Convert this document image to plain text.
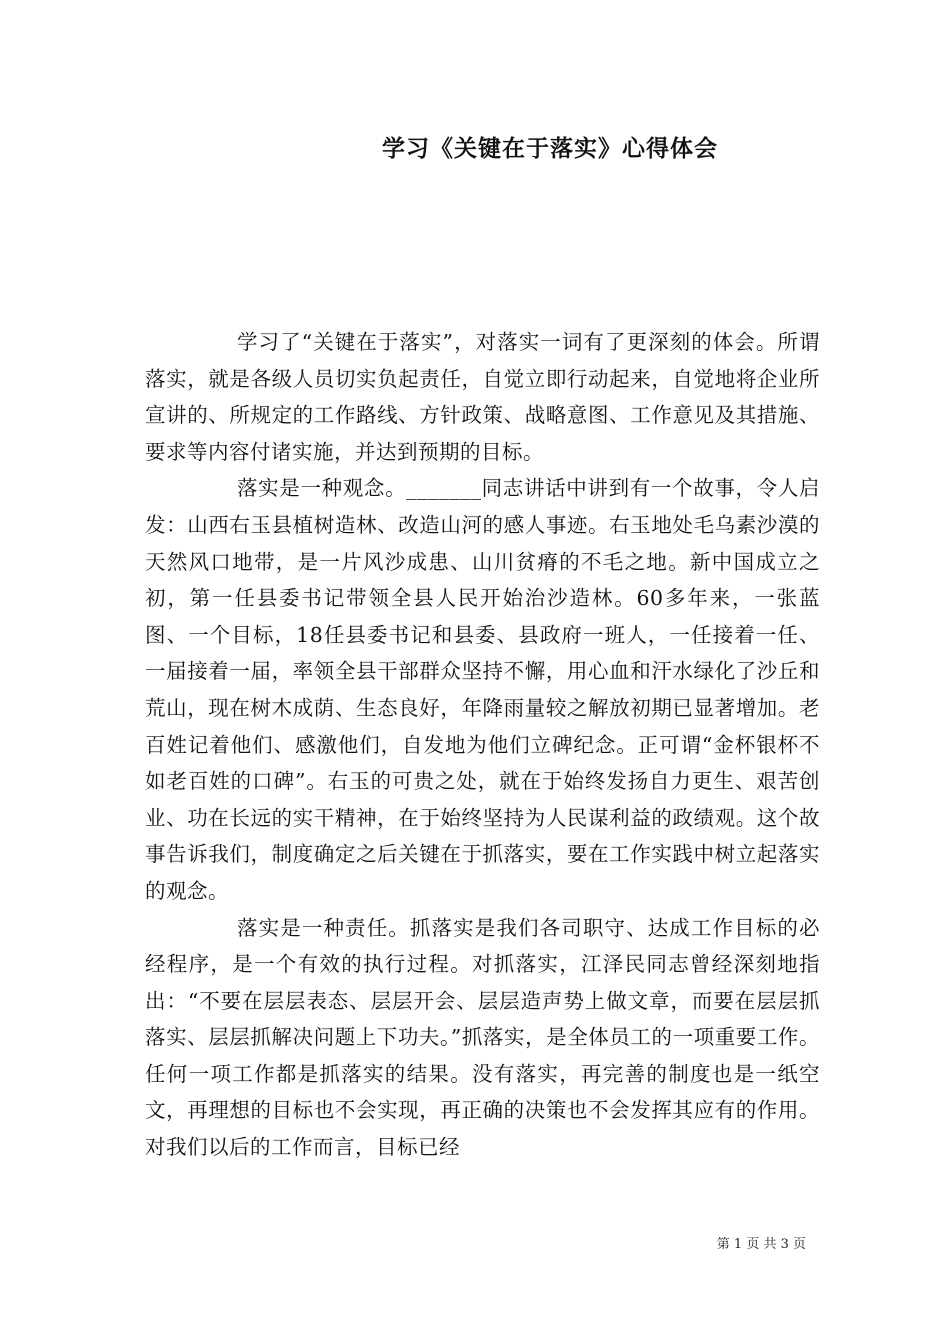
学习《关键在于落实》心得体会

学习了“关键在于落实”，对落实一词有了更深刻的体会。所谓落实，就是各级人员切实负起责任，自觉立即行动起来，自觉地将企业所宣讲的、所规定的工作路线、方针政策、战略意图、工作意见及其措施、要求等内容付诸实施，并达到预期的目标。

落实是一种观念。_______同志讲话中讲到有一个故事，令人启发：山西右玉县植树造林、改造山河的感人事迹。右玉地处毛乌素沙漠的天然风口地带，是一片风沙成患、山川贫瘠的不毛之地。新中国成立之初，第一任县委书记带领全县人民开始治沙造林。60多年来，一张蓝图、一个目标，18任县委书记和县委、县政府一班人，一任接着一任、一届接着一届，率领全县干部群众坚持不懈，用心血和汗水绿化了沙丘和荒山，现在树木成荫、生态良好，年降雨量较之解放初期已显著增加。老百姓记着他们、感激他们，自发地为他们立碑纪念。正可谓“金杯银杯不如老百姓的口碑”。右玉的可贵之处，就在于始终发扬自力更生、艰苦创业、功在长远的实干精神，在于始终坚持为人民谋利益的政绩观。这个故事告诉我们，制度确定之后关键在于抓落实，要在工作实践中树立起落实的观念。

落实是一种责任。抓落实是我们各司职守、达成工作目标的必经程序，是一个有效的执行过程。对抓落实，江泽民同志曾经深刻地指出：“不要在层层表态、层层开会、层层造声势上做文章，而要在层层抓落实、层层抓解决问题上下功夫。”抓落实，是全体员工的一项重要工作。任何一项工作都是抓落实的结果。没有落实，再完善的制度也是一纸空文，再理想的目标也不会实现，再正确的决策也不会发挥其应有的作用。对我们以后的工作而言，目标已经

第 1 页 共 3 页
